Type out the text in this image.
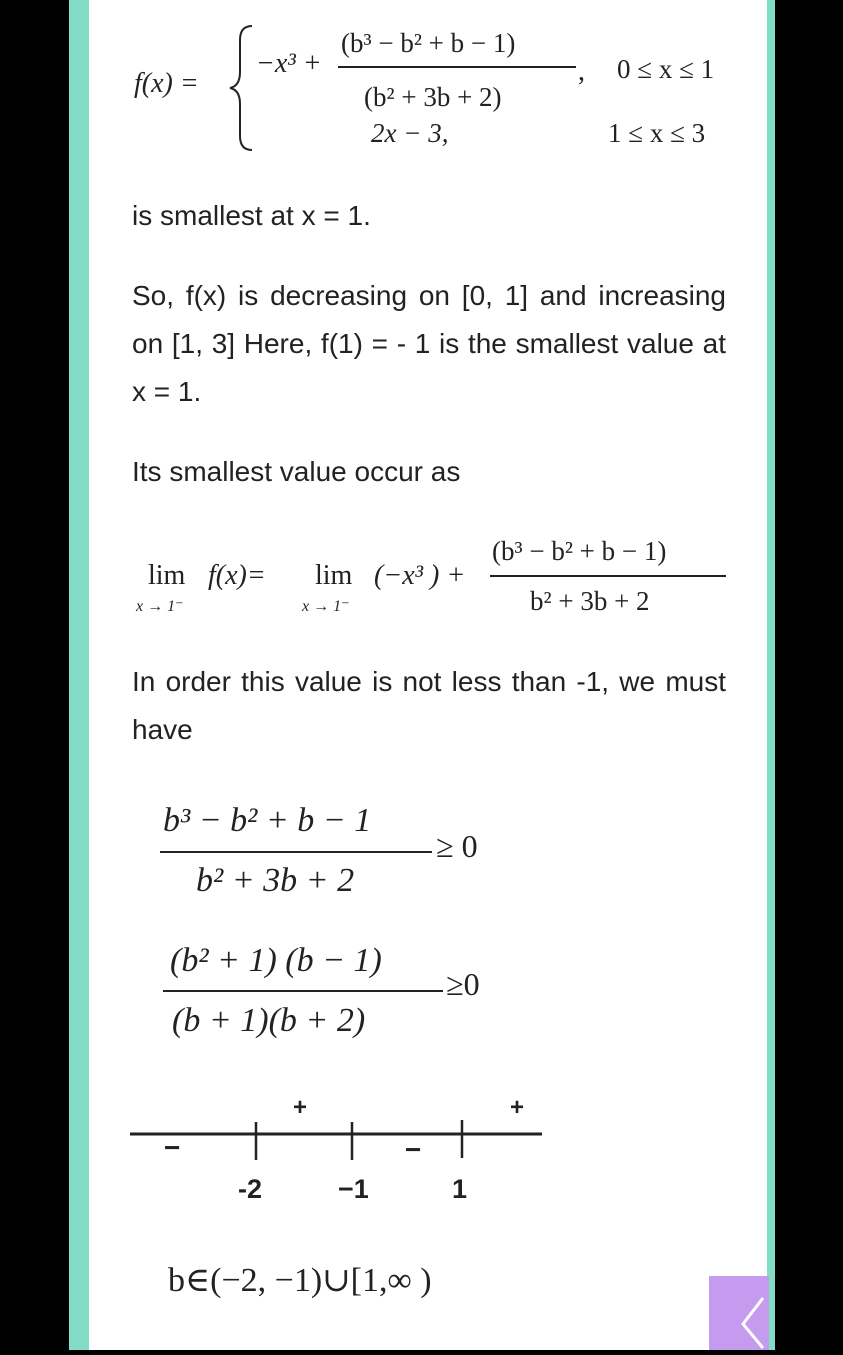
f(x) =
−x³ +
(b³ − b² + b − 1)
(b² + 3b + 2)
, 0 ≤ x ≤ 1
2x − 3,	1 ≤ x ≤ 3
is smallest at x = 1.
So, f(x) is decreasing on [0, 1] and increasing on [1, 3] Here, f(1) = - 1 is the smallest value at x = 1.
Its smallest value occur as
lim
x → 1⁻
f(x)= lim
x → 1⁻
(−x³ ) +
(b³ − b² + b − 1)
b² + 3b + 2
In order this value is not less than -1, we must have
b³ − b² + b − 1
b² + 3b + 2
≥ 0
(b² + 1) (b − 1)
(b + 1)(b + 2)
≥0
−
+
−
+
-2	−1	1
b∈(−2, −1)∪[1,∞ )
